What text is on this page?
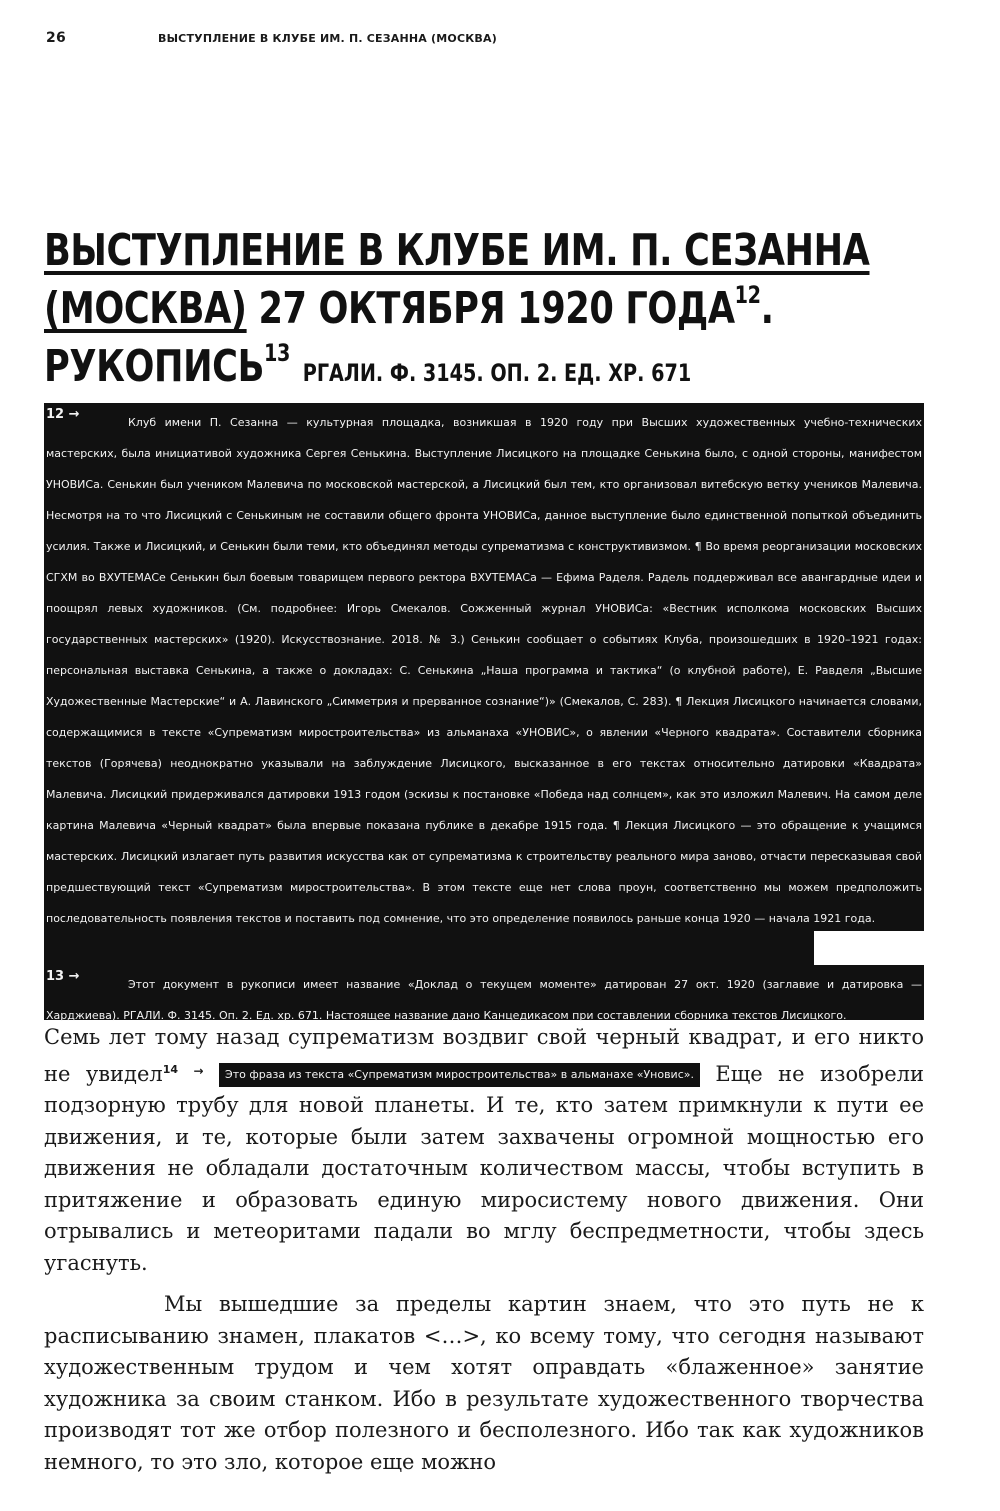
26	ВЫСТУПЛЕНИЕ В КЛУБЕ ИМ. П. СЕЗАННА (МОСКВА)
ВЫСТУПЛЕНИЕ В КЛУБЕ ИМ. П. СЕЗАННА
(МОСКВА) 27 ОКТЯБРЯ 1920 ГОДА$^{12}$.
РУКОПИСЬ$^{13}$РГАЛИ. Ф. 3145. ОП. 2. ЕД. ХР. 671
12 →

Клуб имени П. Сезанна — культурная площадка, возникшая в 1920 году при Высших художественных учебно-технических мастерских, была инициативой художника Сергея Сенькина. Выступление Лисицкого на площадке Сенькина было, с одной стороны, манифестом УНОВИСа. Сенькин был учеником Малевича по московской мастерской, а Лисицкий был тем, кто организовал витебскую ветку учеников Малевича. Несмотря на то что Лисицкий с Сенькиным не составили общего фронта УНОВИСа, данное выступление было единственной попыткой объединить усилия. Также и Лисицкий, и Сенькин были теми, кто объединял методы супрематизма с конструктивизмом. ¶ Во время реорганизации московских СГХМ во ВХУТЕМАСе Сенькин был боевым товарищем первого ректора ВХУТЕМАСа — Ефима Раделя. Радель поддерживал все авангардные идеи и поощрял левых художников. (См. подробнее: Игорь Смекалов. Сожженный журнал УНОВИСа: «Вестник исполкома московских Высших государственных мастерских» (1920). Искусствознание. 2018. № 3.) Сенькин сообщает о событиях Клуба, произошедших в 1920–1921 годах: персональная выставка Сенькина, а также о докладах: С. Сенькина „Наша программа и тактика“ (о клубной работе), Е. Равделя „Высшие Художественные Мастерские“ и А. Лавинского „Симметрия и прерванное сознание“)» (Смекалов, С. 283). ¶ Лекция Лисицкого начинается словами, содержащимися в тексте «Супрематизм миростроительства» из альманаха «УНОВИС», о явлении «Черного квадрата». Составители сборника текстов (Горячева) неоднократно указывали на заблуждение Лисицкого, высказанное в его текстах относительно датировки «Квадрата» Малевича. Лисицкий придерживался датировки 1913 годом (эскизы к постановке «Победа над солнцем», как это изложил Малевич. На самом деле картина Малевича «Черный квадрат» была впервые показана публике в декабре 1915 года. ¶ Лекция Лисицкого — это обращение к учащимся мастерских. Лисицкий излагает путь развития искусства как от супрематизма к строительству реального мира заново, отчасти пересказывая свой предшествующий текст «Супрематизм миростроительства». В этом тексте еще нет слова проун, соответственно мы можем предположить последовательность появления текстов и поставить под сомнение, что это определение появилось раньше конца 1920 — начала 1921 года.

13 →

Этот документ в рукописи имеет название «Доклад о текущем моменте» датирован 27 окт. 1920 (заглавие и датировка — Харджиева). РГАЛИ. Ф. 3145. Оп. 2. Ед. хр. 671. Настоящее название дано Канцедикасом при составлении сборника текстов Лисицкого.

Семь лет тому назад супрематизм воздвиг свой черный квадрат, и его никто не увидел$^{14}$ → Это фраза из текста «Супрематизм миростроительства» в альманахе «Уновис». Еще не изобрели подзорную трубу для новой планеты. И те, кто затем примкнули к пути ее движения, и те, которые были затем захвачены огромной мощностью его движения не обладали достаточным количеством массы, чтобы вступить в притяжение и образовать единую миросистему нового движения. Они отрывались и метеоритами падали во мглу беспредметности, чтобы здесь угаснуть.

Мы вышедшие за пределы картин знаем, что это путь не к расписыванию знамен, плакатов <…>, ко всему тому, что сегодня называют художественным трудом и чем хотят оправдать «блаженное» занятие художника за своим станком. Ибо в результате художественного творчества производят тот же отбор полезного и бесполезного. Ибо так как художников немного, то это зло, которое еще можно
